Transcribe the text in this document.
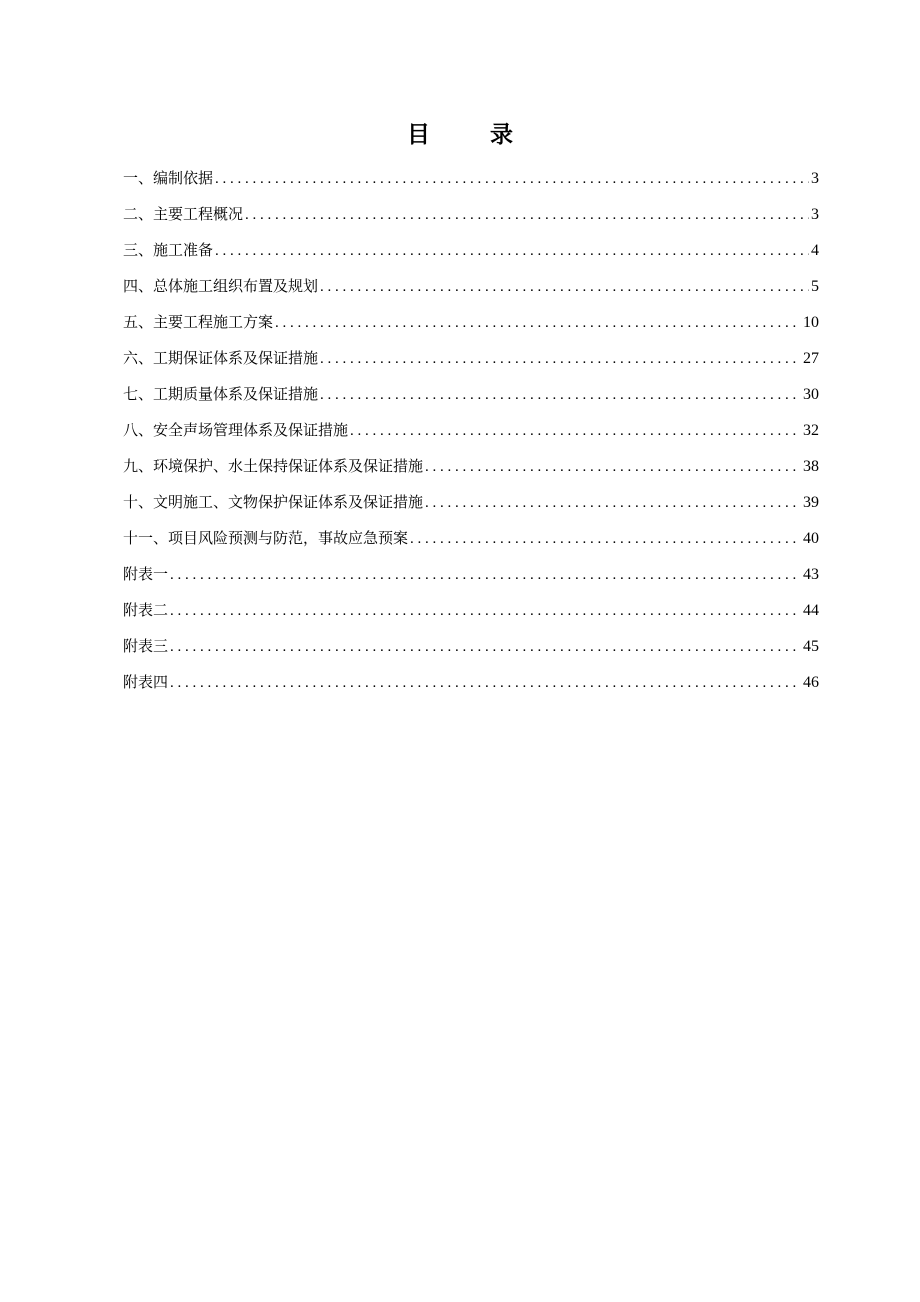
目	录
一、编制依据 . . .	3
二、主要工程概况 . . .	3
三、施工准备 . . .	4
四、总体施工组织布置及规划 . . .	5
五、主要工程施工方案 . . .	10
六、工期保证体系及保证措施 . . .	27
七、工期质量体系及保证措施 . . .	30
八、安全声场管理体系及保证措施 . . .	32
九、环境保护、水土保持保证体系及保证措施 . . .	38
十、文明施工、文物保护保证体系及保证措施 . . .	39
十一、项目风险预测与防范，事故应急预案 . . .	40
附表一 . . .	43
附表二 . . .	44
附表三 . . .	45
附表四 . . .	46
